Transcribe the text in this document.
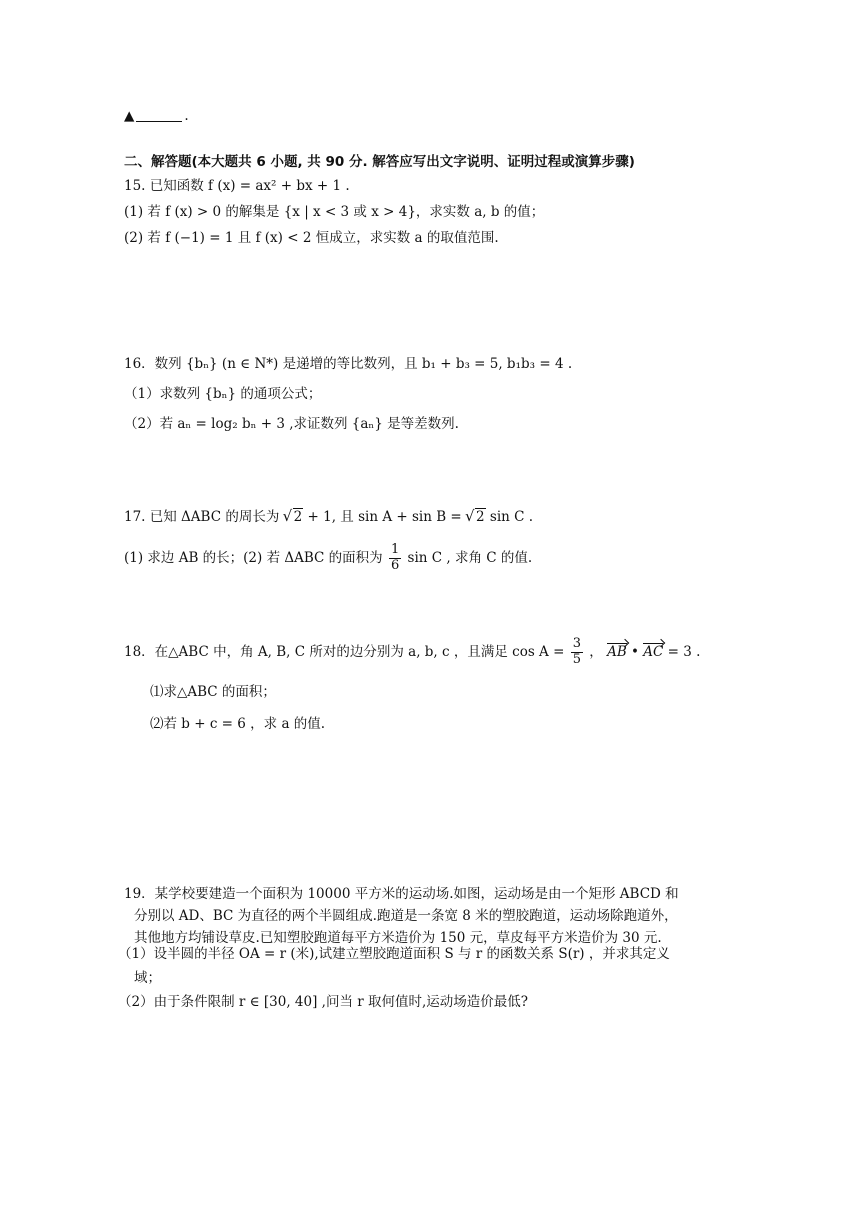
▲	.
二、解答题(本大题共 6 小题, 共 90 分. 解答应写出文字说明、证明过程或演算步骤)
15. 已知函数 f (x) = ax² + bx + 1 .
(1) 若 f (x) > 0 的解集是 {x | x < 3 或 x > 4}，求实数 a, b 的值；
(2) 若 f (−1) = 1 且 f (x) < 2 恒成立，求实数 a 的取值范围.
16．数列 {bₙ} (n ∈ N*) 是递增的等比数列，且 b₁ + b₃ = 5, b₁b₃ = 4 .
（1）求数列 {bₙ} 的通项公式；
（2）若 aₙ = log₂ bₙ + 3 ,求证数列 {aₙ} 是等差数列.
17. 已知 ΔABC 的周长为 √ 2 + 1, 且 sin A + sin B = √ 2 sin C .
(1) 求边 AB 的长；(2) 若 ΔABC 的面积为 $\frac{1}{6}$ sin C , 求角 C 的值.
18．在△ABC 中，角 A, B, C 所对的边分别为 a, b, c ，且满足 $\cos A = \frac{3}{5}$ ， AB • AC = 3 .
⑴求△ABC 的面积；
⑵若 b + c = 6 ，求 a 的值.
19．某学校要建造一个面积为 10000 平方米的运动场.如图，运动场是由一个矩形 ABCD 和
分别以 AD、BC 为直径的两个半圆组成.跑道是一条宽 8 米的塑胶跑道，运动场除跑道外，
其他地方均铺设草皮.已知塑胶跑道每平方米造价为 150 元，草皮每平方米造价为 30 元.
（1）设半圆的半径 OA = r (米),试建立塑胶跑道面积 S 与 r 的函数关系 S(r) ，并求其定义
域；
（2）由于条件限制 r ∈ [30, 40] ,问当 r 取何值时,运动场造价最低?
